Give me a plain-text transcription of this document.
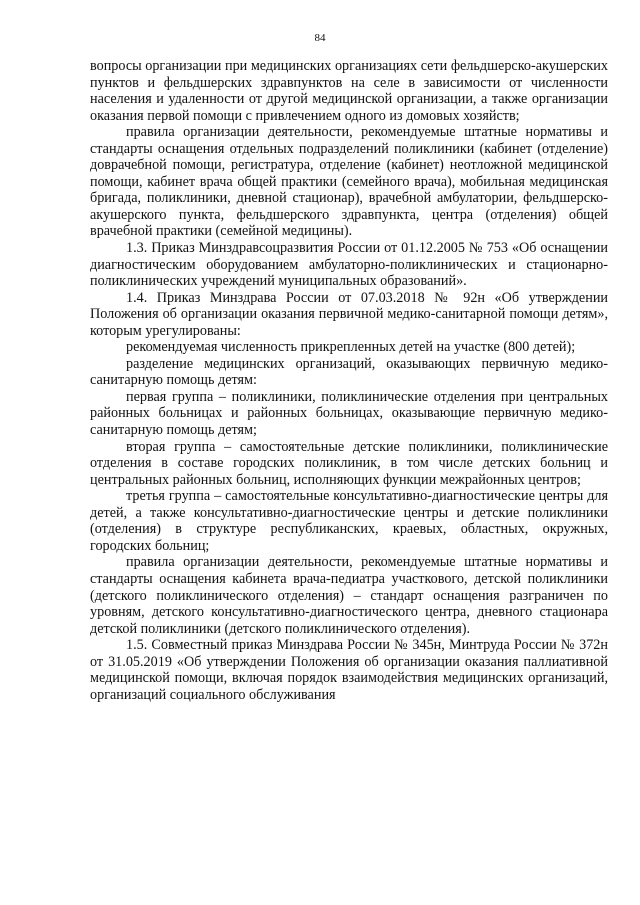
84

вопросы организации при медицинских организациях сети фельдшерско-акушерских пунктов и фельдшерских здравпунктов на селе в зависимости от численности населения и удаленности от другой медицинской организации, а также организации оказания первой помощи с привлечением одного из домовых хозяйств;

правила организации деятельности, рекомендуемые штатные нормативы и стандарты оснащения отдельных подразделений поликлиники (кабинет (отделение) доврачебной помощи, регистратура, отделение (кабинет) неотложной медицинской помощи, кабинет врача общей практики (семейного врача), мобильная медицинская бригада, поликлиники, дневной стационар), врачебной амбулатории, фельдшерско-акушерского пункта, фельдшерского здравпункта, центра (отделения) общей врачебной практики (семейной медицины).

1.3. Приказ Минздравсоцразвития России от 01.12.2005 № 753 «Об оснащении диагностическим оборудованием амбулаторно-поликлинических и стационарно-поликлинических учреждений муниципальных образований».

1.4. Приказ Минздрава России от 07.03.2018 № 92н «Об утверждении Положения об организации оказания первичной медико-санитарной помощи детям», которым урегулированы:

рекомендуемая численность прикрепленных детей на участке (800 детей);

разделение медицинских организаций, оказывающих первичную медико-санитарную помощь детям:

первая группа – поликлиники, поликлинические отделения при центральных районных больницах и районных больницах, оказывающие первичную медико-санитарную помощь детям;

вторая группа – самостоятельные детские поликлиники, поликлинические отделения в составе городских поликлиник, в том числе детских больниц и центральных районных больниц, исполняющих функции межрайонных центров;

третья группа – самостоятельные консультативно-диагностические центры для детей, а также консультативно-диагностические центры и детские поликлиники (отделения) в структуре республиканских, краевых, областных, окружных, городских больниц;

правила организации деятельности, рекомендуемые штатные нормативы и стандарты оснащения кабинета врача-педиатра участкового, детской поликлиники (детского поликлинического отделения) – стандарт оснащения разграничен по уровням, детского консультативно-диагностического центра, дневного стационара детской поликлиники (детского поликлинического отделения).

1.5. Совместный приказ Минздрава России № 345н, Минтруда России № 372н от 31.05.2019 «Об утверждении Положения об организации оказания паллиативной медицинской помощи, включая порядок взаимодействия медицинских организаций, организаций социального обслуживания
